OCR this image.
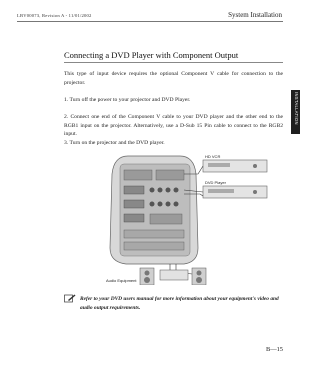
LBV00073, Revision A - 11/01/2002	System Installation
INSTALLATION
Connecting a DVD Player with Component Output
This type of input device requires the optional Component V cable for connection to the projector.
1. Turn off the power to your projector and DVD Player.
2. Connect one end of the Component V cable to your DVD player and the other end to the RGB1 input on the projector. Alternatively, use a D-Sub 15 Pin cable to connect to the RGB2 input.
3. Turn on the projector and the DVD player.
HD VCR
DVD Player
Audio Equipment
Refer to your DVD users manual for more information about your equipment's video and audio output requirements.
B—15
